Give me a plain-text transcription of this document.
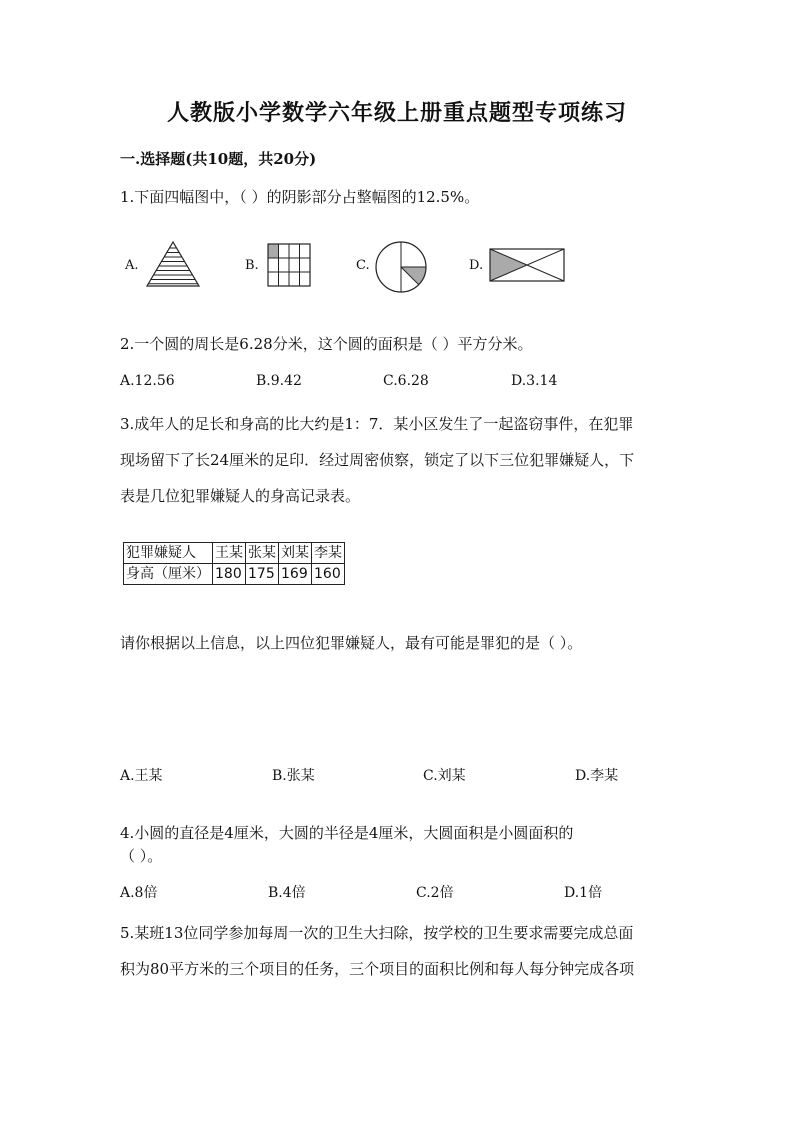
人教版小学数学六年级上册重点题型专项练习
一.选择题(共10题，共20分)
1.下面四幅图中，（ ）的阴影部分占整幅图的12.5%。
A.	B.	C.	D.
2.一个圆的周长是6.28分米，这个圆的面积是（ ）平方分米。
A.12.56	B.9.42	C.6.28	D.3.14
3.成年人的足长和身高的比大约是1：7．某小区发生了一起盗窃事件，在犯罪
现场留下了长24厘米的足印．经过周密侦察，锁定了以下三位犯罪嫌疑人，下
表是几位犯罪嫌疑人的身高记录表。
犯罪嫌疑人	王某	张某	刘某	李某
身高（厘米）	180	175	169	160
请你根据以上信息，以上四位犯罪嫌疑人，最有可能是罪犯的是（ ）。
A.王某	B.张某	C.刘某	D.李某
4.小圆的直径是4厘米，大圆的半径是4厘米，大圆面积是小圆面积的
（ ）。
A.8倍	B.4倍	C.2倍	D.1倍
5.某班13位同学参加每周一次的卫生大扫除，按学校的卫生要求需要完成总面
积为80平方米的三个项目的任务，三个项目的面积比例和每人每分钟完成各项
